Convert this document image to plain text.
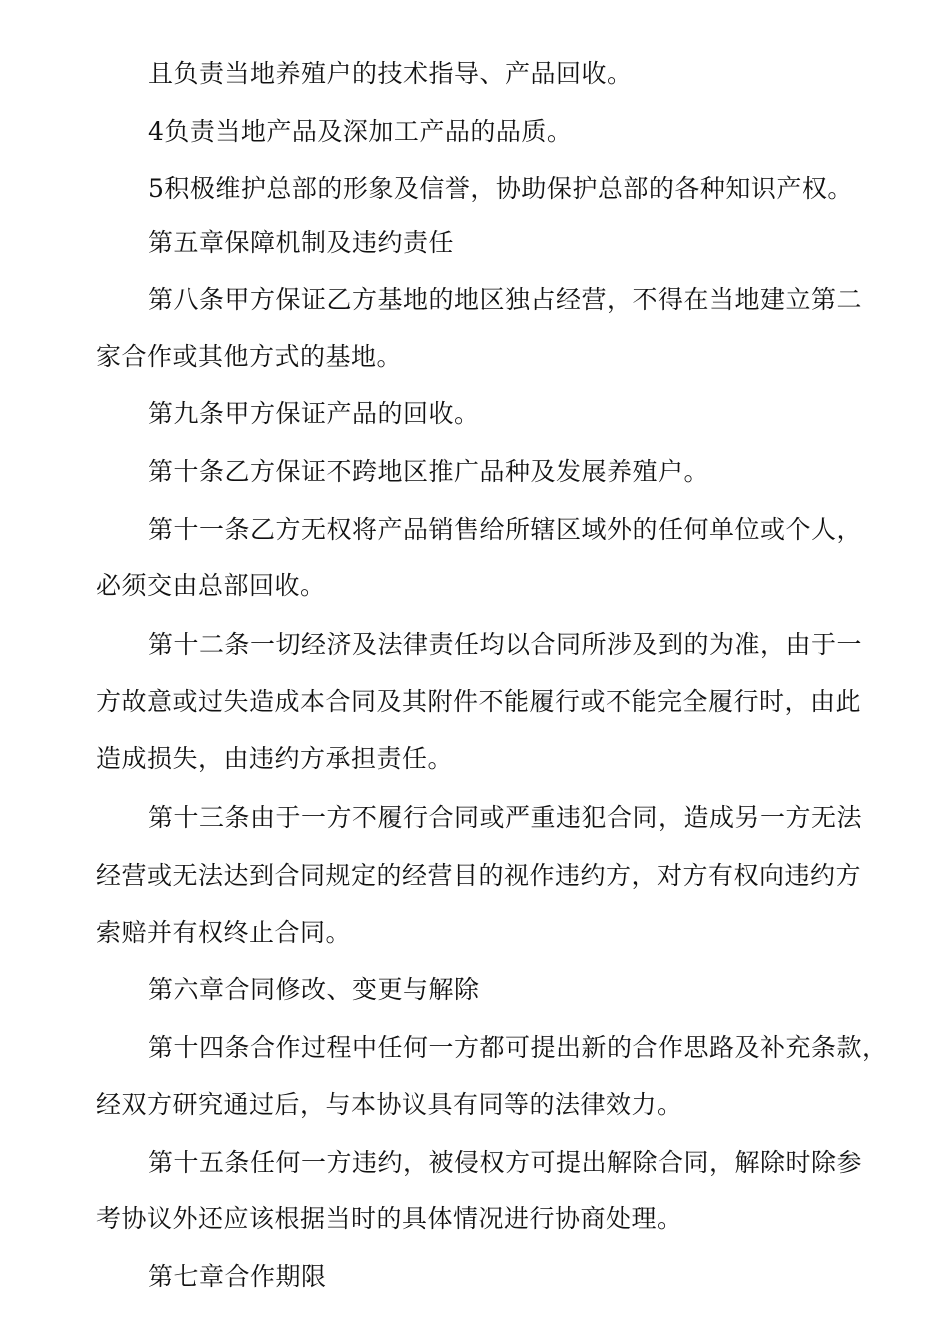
且负责当地养殖户的技术指导、产品回收。
4负责当地产品及深加工产品的品质。
5积极维护总部的形象及信誉，协助保护总部的各种知识产权。
第五章保障机制及违约责任
第八条甲方保证乙方基地的地区独占经营，不得在当地建立第二
家合作或其他方式的基地。
第九条甲方保证产品的回收。
第十条乙方保证不跨地区推广品种及发展养殖户。
第十一条乙方无权将产品销售给所辖区域外的任何单位或个人，
必须交由总部回收。
第十二条一切经济及法律责任均以合同所涉及到的为准，由于一
方故意或过失造成本合同及其附件不能履行或不能完全履行时，由此
造成损失，由违约方承担责任。
第十三条由于一方不履行合同或严重违犯合同，造成另一方无法
经营或无法达到合同规定的经营目的视作违约方，对方有权向违约方
索赔并有权终止合同。
第六章合同修改、变更与解除
第十四条合作过程中任何一方都可提出新的合作思路及补充条款，
经双方研究通过后，与本协议具有同等的法律效力。
第十五条任何一方违约，被侵权方可提出解除合同，解除时除参
考协议外还应该根据当时的具体情况进行协商处理。
第七章合作期限
